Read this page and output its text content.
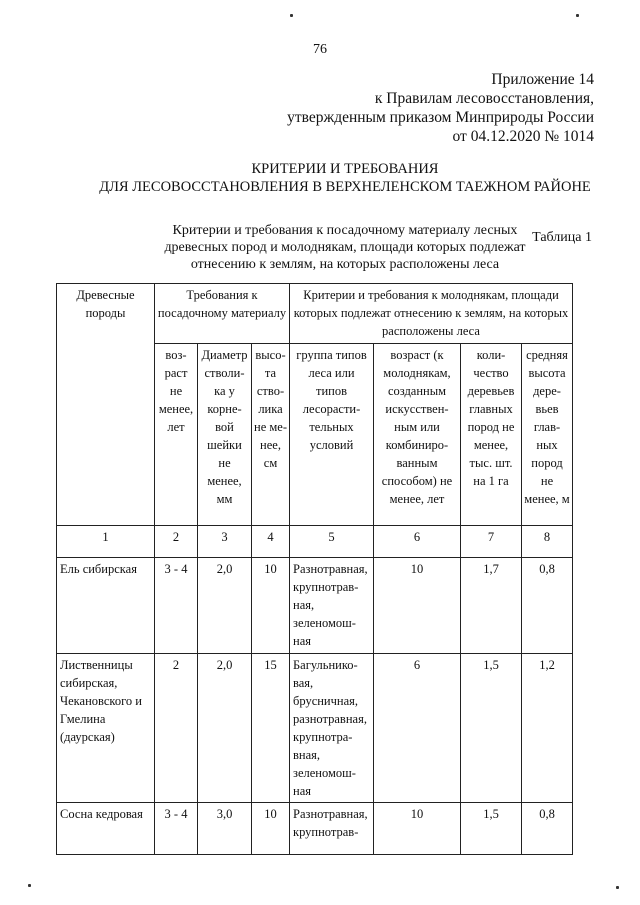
76
Приложение 14
к Правилам лесовосстановления,
утвержденным приказом Минприроды России
от 04.12.2020 № 1014
КРИТЕРИИ И ТРЕБОВАНИЯ
ДЛЯ ЛЕСОВОССТАНОВЛЕНИЯ В ВЕРХНЕЛЕНСКОМ ТАЕЖНОМ РАЙОНЕ
Таблица 1
Критерии и требования к посадочному материалу лесных
древесных пород и молоднякам, площади которых подлежат
отнесению к землям, на которых расположены леса
Древесные породы	Требования к посадочному материалу			Критерии и требования к молоднякам, площади которых подлежат отнесению к землям, на которых расположены леса			
	воз-раст не менее, лет	Диаметр стволи-ка у корне-вой шейки не менее, мм	высо-та ство-лика не ме-нее, см	группа типов леса или типов лесорасти-тельных условий	возраст (к молоднякам, созданным искусствен-ным или комбиниро-ванным способом) не менее, лет	коли-чество деревьев главных пород не менее, тыс. шт. на 1 га	средняя высота дере-вьев глав-ных пород не менее, м
1	2	3	4	5	6	7	8
Ель сибирская	3 - 4	2,0	10	Разнотравная, крупнотрав-ная, зеленомош-ная	10	1,7	0,8
Лиственницы сибирская, Чекановского и Гмелина (даурская)	2	2,0	15	Багульнико-вая, брусничная, разнотравная, крупнотра-вная, зеленомош-ная	6	1,5	1,2
Сосна кедровая	3 - 4	3,0	10	Разнотравная, крупнотрав-	10	1,5	0,8
